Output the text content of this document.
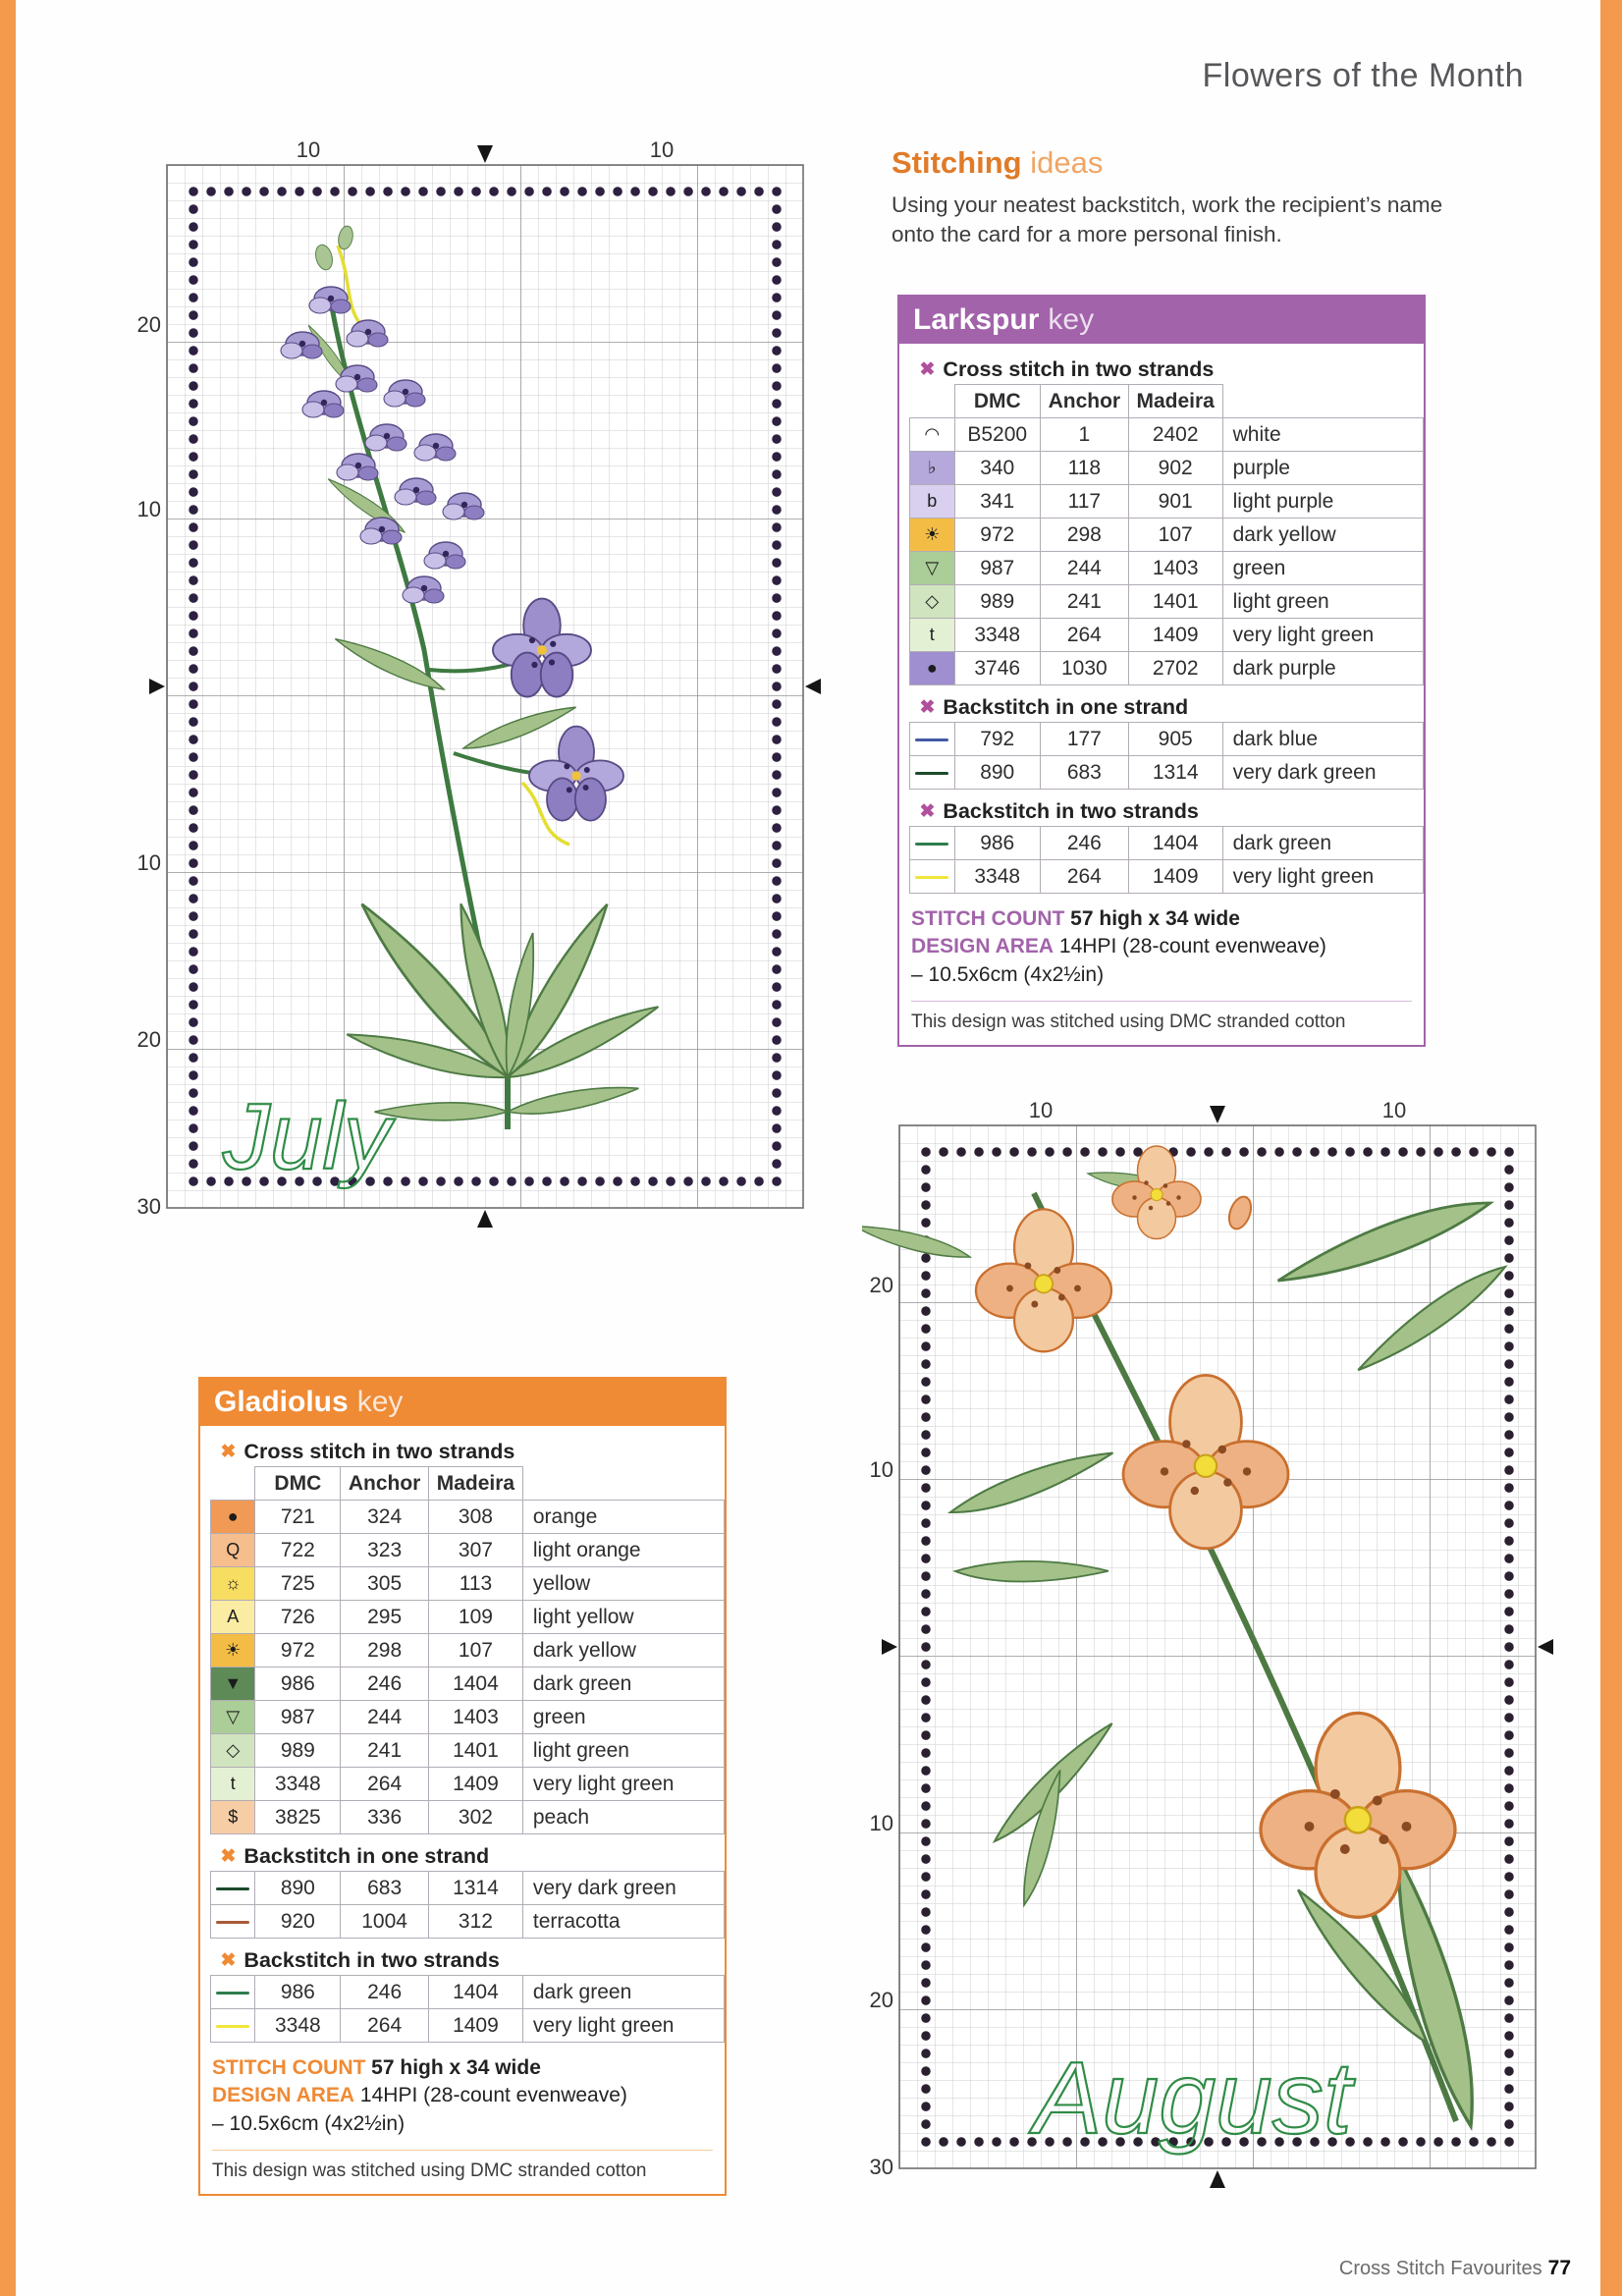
Flowers of the Month
10	10
20
10
10
20
30
July
Stitching ideas
Using your neatest backstitch, work the recipient’s name onto the card for a more personal finish.
Larkspur key
✖ Cross stitch in two strands				

	DMC	Anchor	Madeira	
◠	B5200	1	2402	white
♭	340	118	902	purple
b	341	117	901	light purple
☀	972	298	107	dark yellow
▽	987	244	1403	green
◇	989	241	1401	light green
t	3348	264	1409	very light green
●	3746	1030	2702	dark purple

✖ Backstitch in one strand				

	792	177	905	dark blue
	890	683	1314	very dark green

✖ Backstitch in two strands				

	986	246	1404	dark green
	3348	264	1409	very light green
STITCH COUNT 57 high x 34 wide
DESIGN AREA 14HPI (28-count evenweave)
– 10.5x6cm (4x2½in)
This design was stitched using DMC stranded cotton
Gladiolus key
✖ Cross stitch in two strands				

	DMC	Anchor	Madeira	
●	721	324	308	orange
Q	722	323	307	light orange
☼	725	305	113	yellow
A	726	295	109	light yellow
☀	972	298	107	dark yellow
▼	986	246	1404	dark green
▽	987	244	1403	green
◇	989	241	1401	light green
t	3348	264	1409	very light green
$	3825	336	302	peach

✖ Backstitch in one strand				

	890	683	1314	very dark green
	920	1004	312	terracotta

✖ Backstitch in two strands				

	986	246	1404	dark green
	3348	264	1409	very light green
STITCH COUNT 57 high x 34 wide
DESIGN AREA 14HPI (28-count evenweave)
– 10.5x6cm (4x2½in)
This design was stitched using DMC stranded cotton
10	10
20
10
10
20
30
August
Cross Stitch Favourites 77
